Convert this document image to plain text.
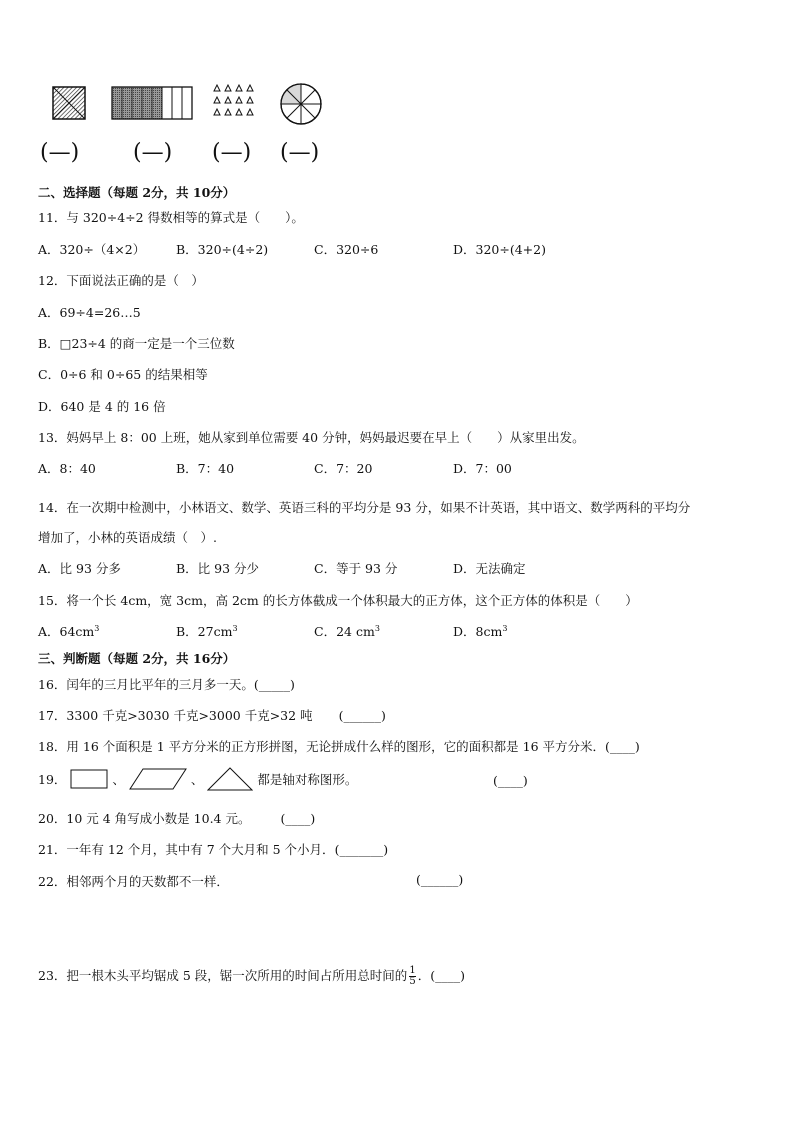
(—) (—) (—) (—)
二、选择题（每题 2分，共 10分）
11．与 320÷4÷2 得数相等的算式是（　　）。
A．320÷（4×2） B．320÷(4÷2)	C．320÷6	D．320÷(4+2)
12．下面说法正确的是（　）
A．69÷4=26…5
B．□23÷4 的商一定是一个三位数
C．0÷6 和 0÷65 的结果相等
D．640 是 4 的 16 倍
13．妈妈早上 8：00 上班，她从家到单位需要 40 分钟，妈妈最迟要在早上（　　）从家里出发。
A．8：40	B．7：40	C．7：20	D．7：00
14．在一次期中检测中，小林语文、数学、英语三科的平均分是 93 分，如果不计英语，其中语文、数学两科的平均分
增加了，小林的英语成绩（　）.
A．比 93 分多	B．比 93 分少	C．等于 93 分	D．无法确定
15．将一个长 4cm，宽 3cm，高 2cm 的长方体截成一个体积最大的正方体，这个正方体的体积是（　　）
A．$64cm^3$	B．$27cm^3$	C．24 $cm^3$	D．$8cm^3$
三、判断题（每题 2分，共 16分）
16．闰年的三月比平年的三月多一天。(_____)
17．3300 千克>3030 千克>3000 千克>32 吨 (______)
18．用 16 个面积是 1 平方分米的正方形拼图，无论拼成什么样的图形，它的面积都是 16 平方分米．(____)
19．	、	、	都是轴对称图形。	(____)
20．10 元 4 角写成小数是 10.4 元。 (____)
21．一年有 12 个月，其中有 7 个大月和 5 个小月．(_______)
22．相邻两个月的天数都不一样．	(______)
23．把一根木头平均锯成 5 段，锯一次所用的时间占所用总时间的 $\frac{1}{5}$ ．(____)
